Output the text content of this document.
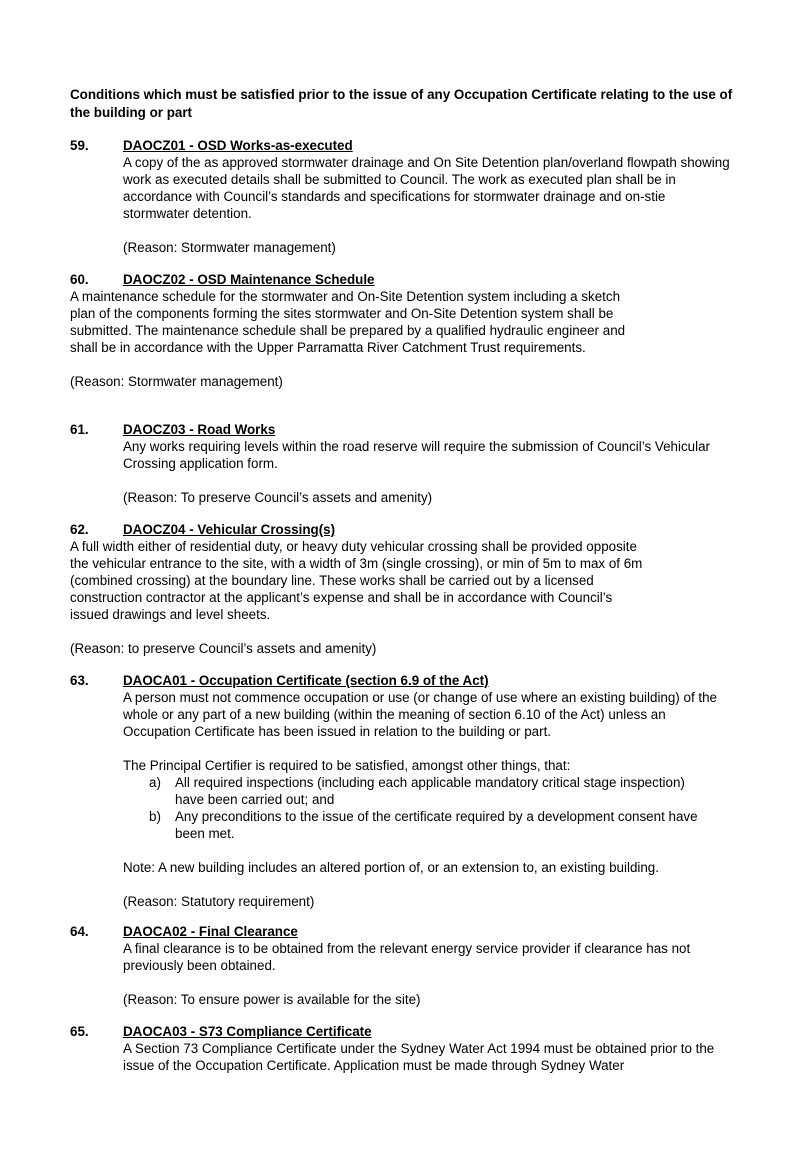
Conditions which must be satisfied prior to the issue of any Occupation Certificate relating to the use of the building or part
59.	DAOCZ01 - OSD Works-as-executed

A copy of the as approved stormwater drainage and On Site Detention plan/overland flowpath showing work as executed details shall be submitted to Council. The work as executed plan shall be in accordance with Council’s standards and specifications for stormwater drainage and on-stie stormwater detention.

(Reason: Stormwater management)

60.	DAOCZ02 - OSD Maintenance Schedule

A maintenance schedule for the stormwater and On-Site Detention system including a sketch plan of the components forming the sites stormwater and On-Site Detention system shall be submitted. The maintenance schedule shall be prepared by a qualified hydraulic engineer and shall be in accordance with the Upper Parramatta River Catchment Trust requirements.

(Reason: Stormwater management)

61.	DAOCZ03 - Road Works

Any works requiring levels within the road reserve will require the submission of Council’s Vehicular Crossing application form.

(Reason: To preserve Council’s assets and amenity)

62.	DAOCZ04 - Vehicular Crossing(s)

A full width either of residential duty, or heavy duty vehicular crossing shall be provided opposite the vehicular entrance to the site, with a width of 3m (single crossing), or min of 5m to max of 6m (combined crossing) at the boundary line. These works shall be carried out by a licensed construction contractor at the applicant’s expense and shall be in accordance with Council’s issued drawings and level sheets.

(Reason: to preserve Council’s assets and amenity)

63.	DAOCA01 - Occupation Certificate (section 6.9 of the Act)

A person must not commence occupation or use (or change of use where an existing building) of the whole or any part of a new building (within the meaning of section 6.10 of the Act) unless an Occupation Certificate has been issued in relation to the building or part.

The Principal Certifier is required to be satisfied, amongst other things, that:

a) All required inspections (including each applicable mandatory critical stage inspection) have been carried out; and
b) Any preconditions to the issue of the certificate required by a development consent have been met.

Note: A new building includes an altered portion of, or an extension to, an existing building.

(Reason: Statutory requirement)

64.	DAOCA02 - Final Clearance

A final clearance is to be obtained from the relevant energy service provider if clearance has not previously been obtained.

(Reason: To ensure power is available for the site)

65.	DAOCA03 - S73 Compliance Certificate

A Section 73 Compliance Certificate under the Sydney Water Act 1994 must be obtained prior to the issue of the Occupation Certificate. Application must be made through Sydney Water
